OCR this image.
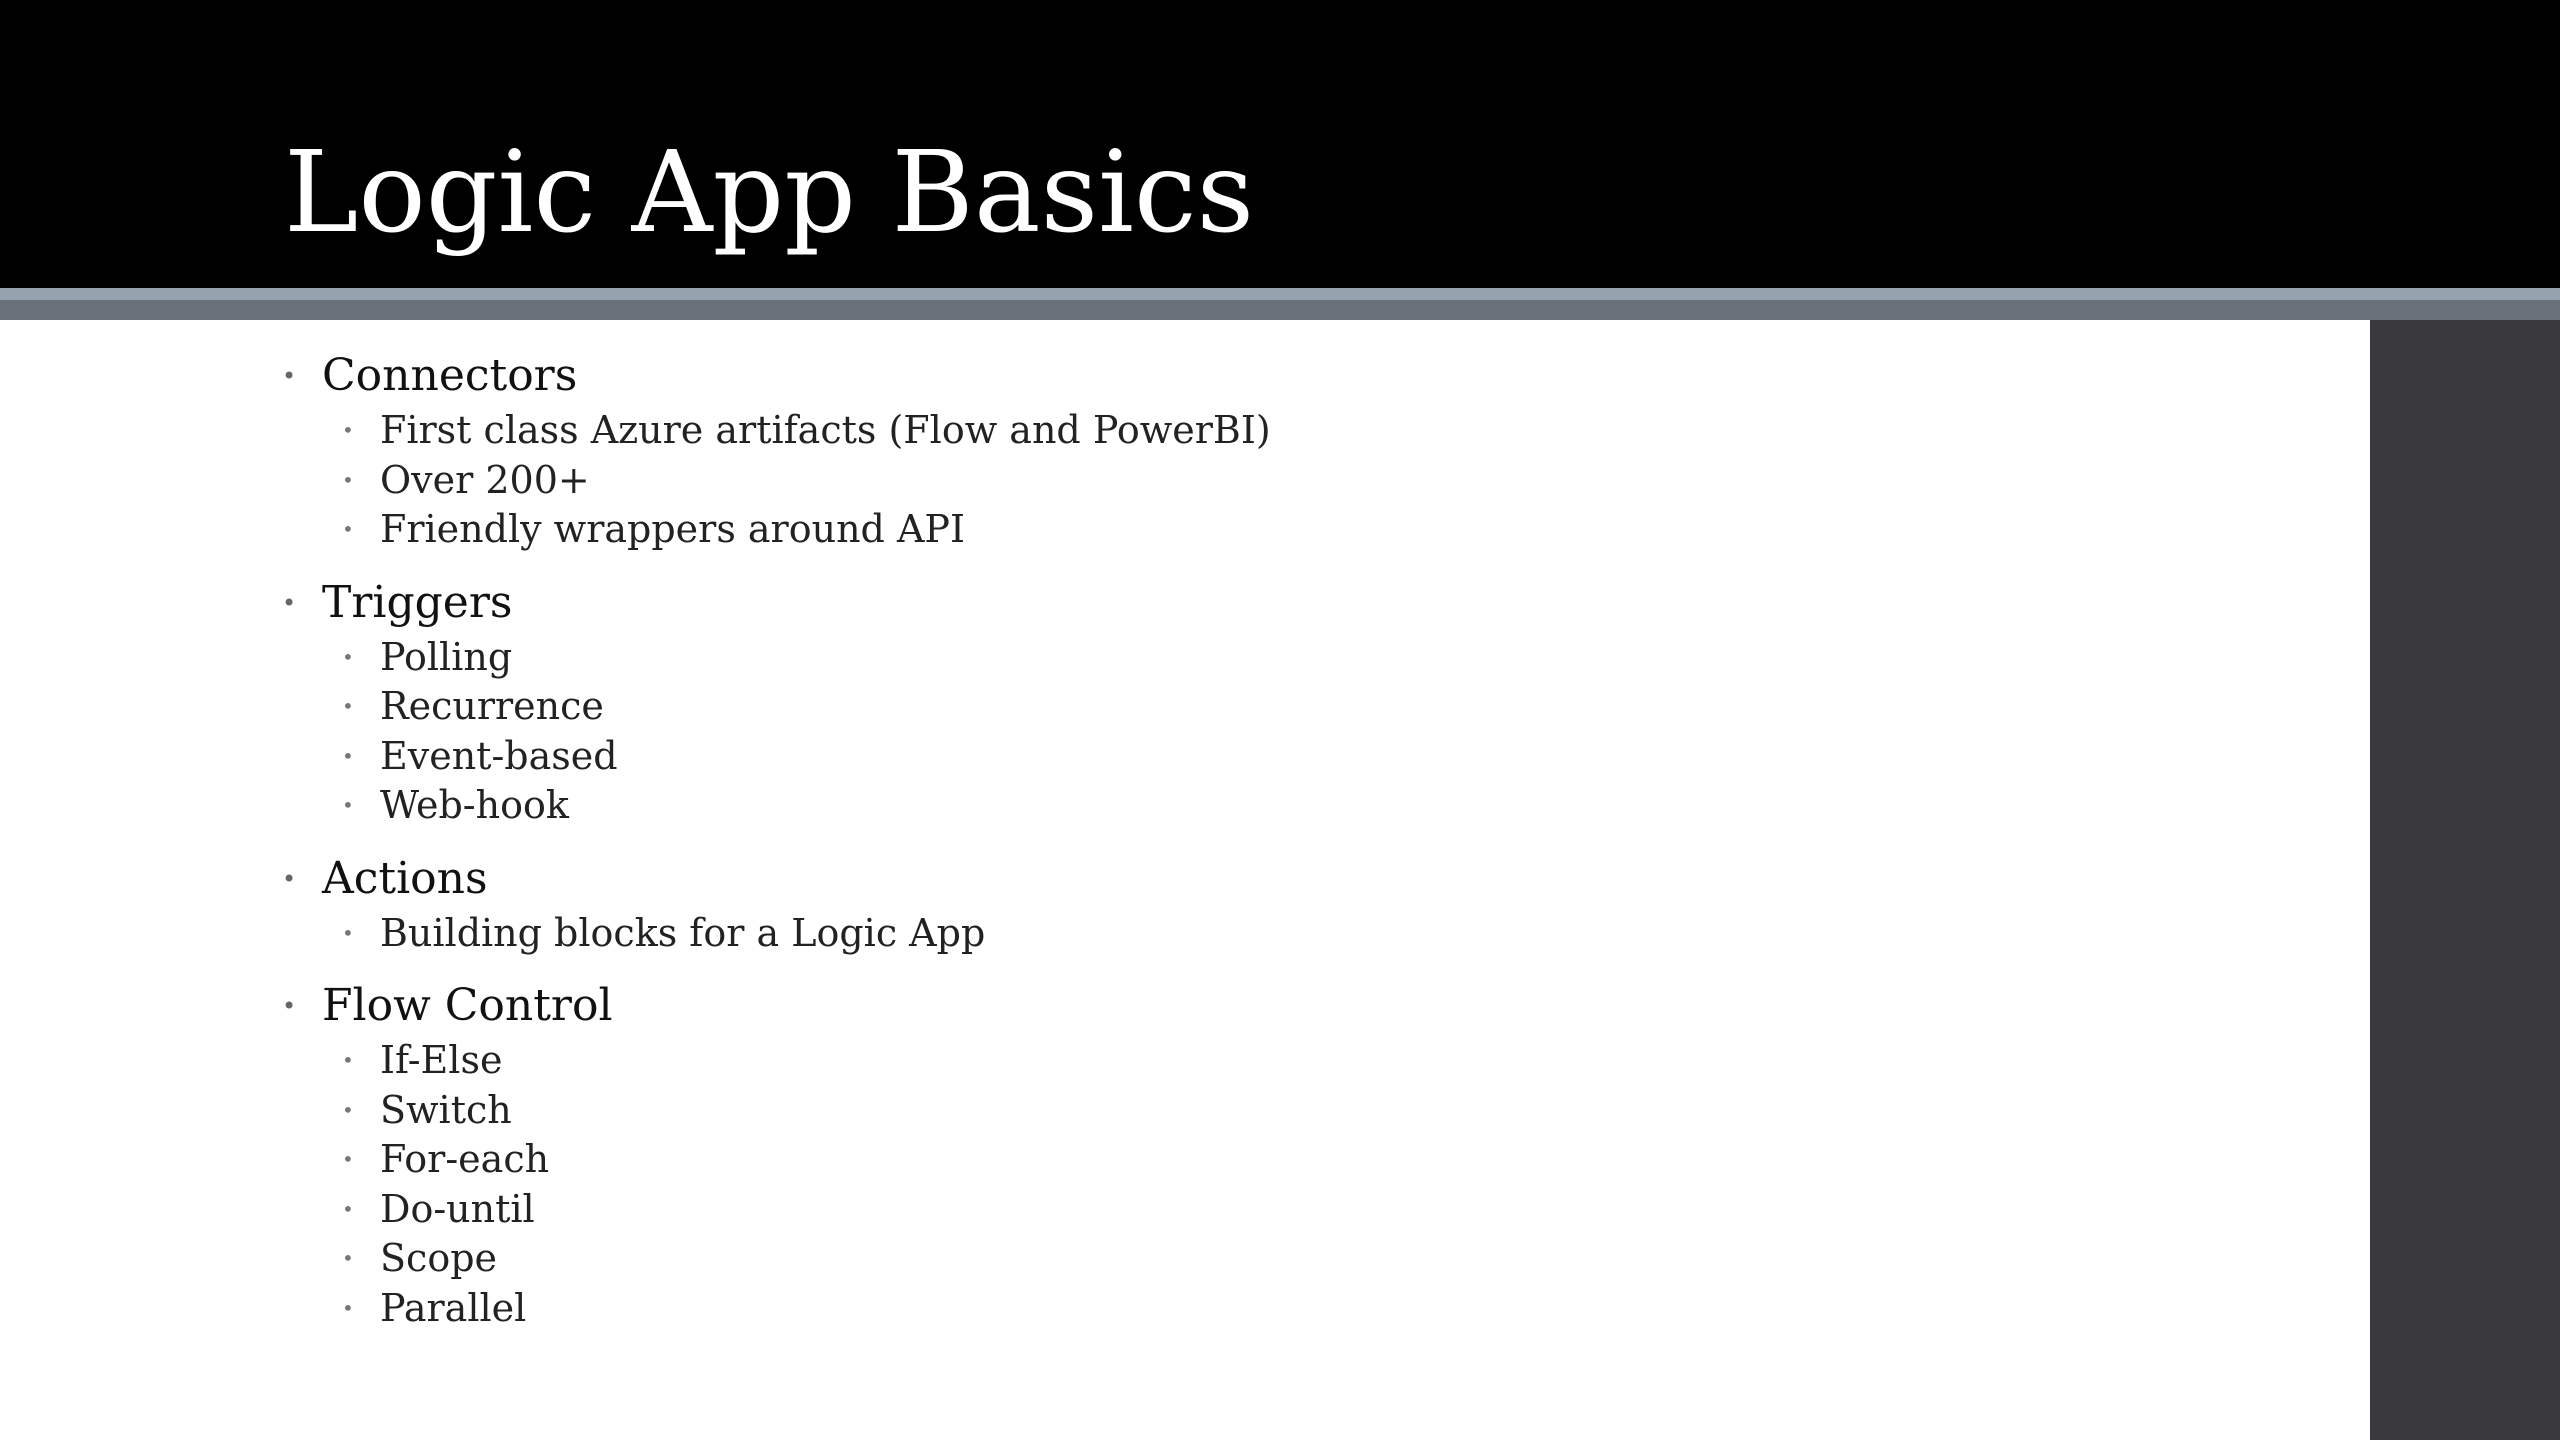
Logic App Basics
• Connectors
• First class Azure artifacts (Flow and PowerBI)
• Over 200+
• Friendly wrappers around API
• Triggers
• Polling
• Recurrence
• Event-based
• Web-hook
• Actions
• Building blocks for a Logic App
• Flow Control
• If-Else
• Switch
• For-each
• Do-until
• Scope
• Parallel
